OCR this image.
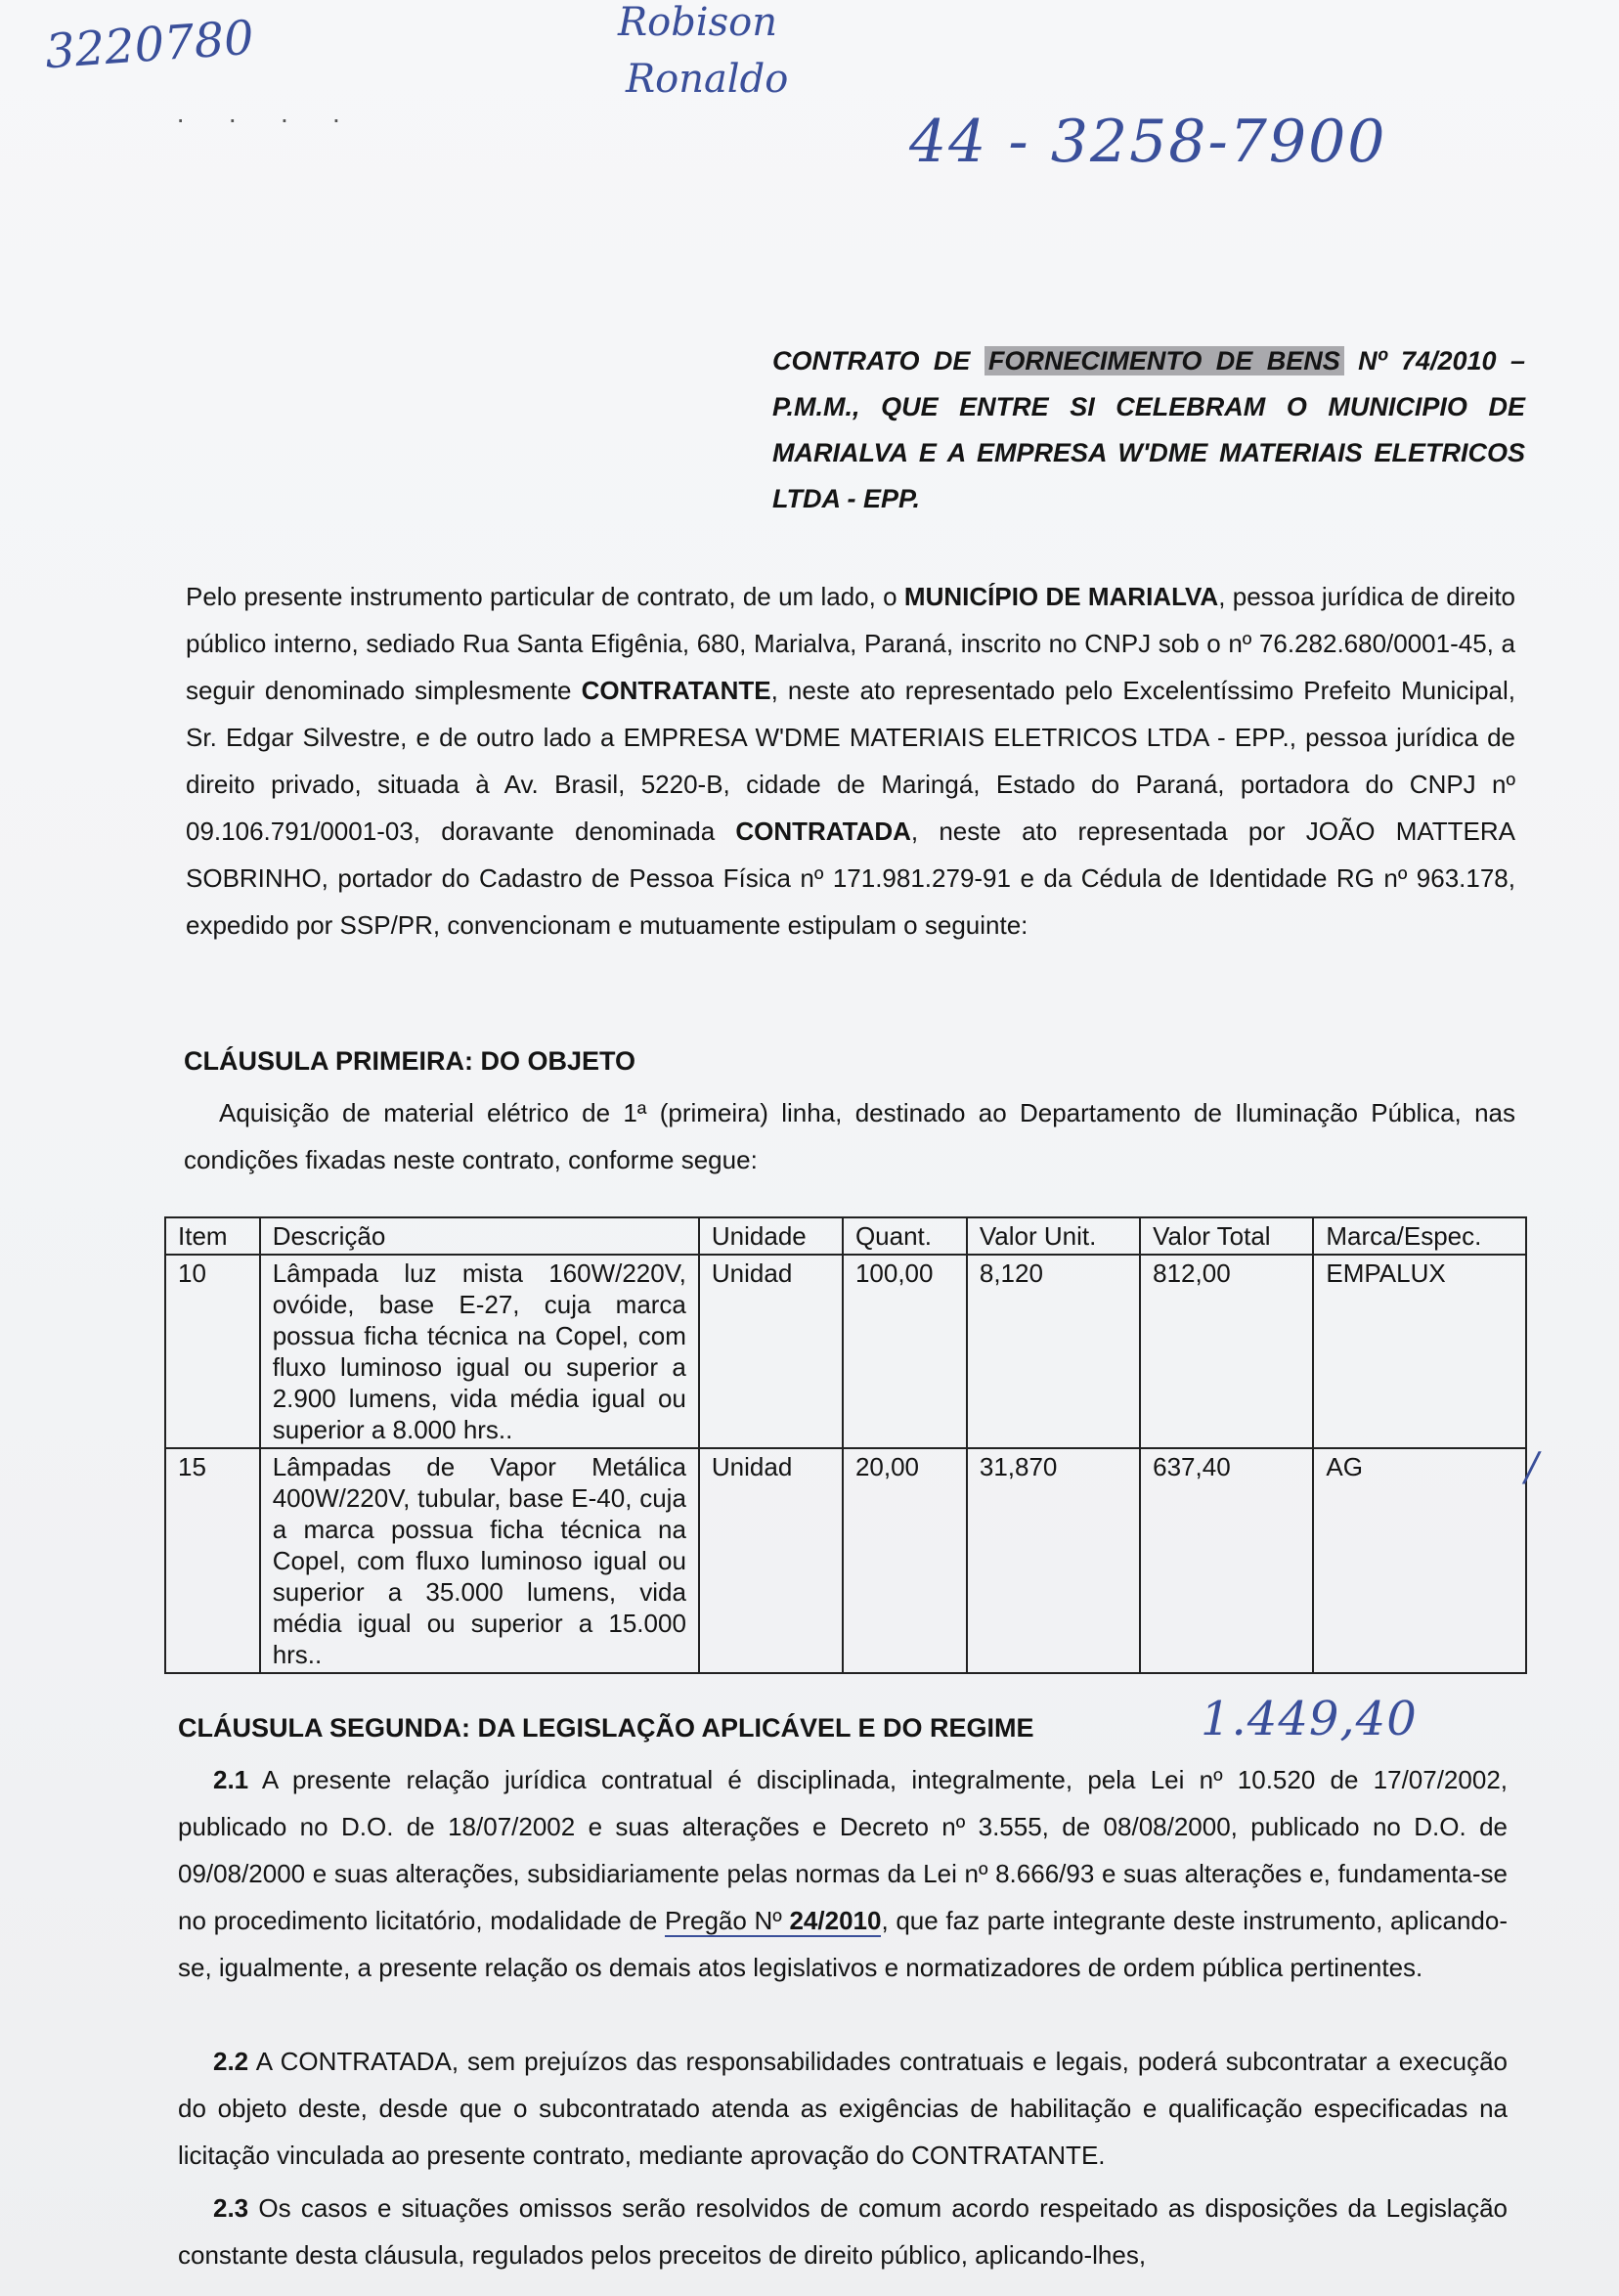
3220780	Robison
Ronaldo
· · · ·	44 - 3258-7900
CONTRATO DE FORNECIMENTO DE BENS Nº 74/2010 – P.M.M., QUE ENTRE SI CELEBRAM O MUNICIPIO DE MARIALVA E A EMPRESA W'DME MATERIAIS ELETRICOS LTDA - EPP.
Pelo presente instrumento particular de contrato, de um lado, o MUNICÍPIO DE MARIALVA, pessoa jurídica de direito público interno, sediado Rua Santa Efigênia, 680, Marialva, Paraná, inscrito no CNPJ sob o nº 76.282.680/0001-45, a seguir denominado simplesmente CONTRATANTE, neste ato representado pelo Excelentíssimo Prefeito Municipal, Sr. Edgar Silvestre, e de outro lado a EMPRESA W'DME MATERIAIS ELETRICOS LTDA - EPP., pessoa jurídica de direito privado, situada à Av. Brasil, 5220-B, cidade de Maringá, Estado do Paraná, portadora do CNPJ nº 09.106.791/0001-03, doravante denominada CONTRATADA, neste ato representada por JOÃO MATTERA SOBRINHO, portador do Cadastro de Pessoa Física nº 171.981.279-91 e da Cédula de Identidade RG nº 963.178, expedido por SSP/PR, convencionam e mutuamente estipulam o seguinte:
CLÁUSULA PRIMEIRA: DO OBJETO
Aquisição de material elétrico de 1ª (primeira) linha, destinado ao Departamento de Iluminação Pública, nas condições fixadas neste contrato, conforme segue:
Item	Descrição	Unidade	Quant.	Valor Unit.	Valor Total	Marca/Espec.
10	Lâmpada luz mista 160W/220V, ovóide, base E-27, cuja marca possua ficha técnica na Copel, com fluxo luminoso igual ou superior a 2.900 lumens, vida média igual ou superior a 8.000 hrs..	Unidad	100,00	8,120	812,00	EMPALUX
15	Lâmpadas de Vapor Metálica 400W/220V, tubular, base E-40, cuja a marca possua ficha técnica na Copel, com fluxo luminoso igual ou superior a 35.000 lumens, vida média igual ou superior a 15.000 hrs..	Unidad	20,00	31,870	637,40	AG	/
CLÁUSULA SEGUNDA: DA LEGISLAÇÃO APLICÁVEL E DO REGIME	1.449,40
2.1 A presente relação jurídica contratual é disciplinada, integralmente, pela Lei nº 10.520 de 17/07/2002, publicado no D.O. de 18/07/2002 e suas alterações e Decreto nº 3.555, de 08/08/2000, publicado no D.O. de 09/08/2000 e suas alterações, subsidiariamente pelas normas da Lei nº 8.666/93 e suas alterações e, fundamenta-se no procedimento licitatório, modalidade de Pregão Nº 24/2010, que faz parte integrante deste instrumento, aplicando-se, igualmente, a presente relação os demais atos legislativos e normatizadores de ordem pública pertinentes.
2.2 A CONTRATADA, sem prejuízos das responsabilidades contratuais e legais, poderá subcontratar a execução do objeto deste, desde que o subcontratado atenda as exigências de habilitação e qualificação especificadas na licitação vinculada ao presente contrato, mediante aprovação do CONTRATANTE.
2.3 Os casos e situações omissos serão resolvidos de comum acordo respeitado as disposições da Legislação constante desta cláusula, regulados pelos preceitos de direito público, aplicando-lhes,
